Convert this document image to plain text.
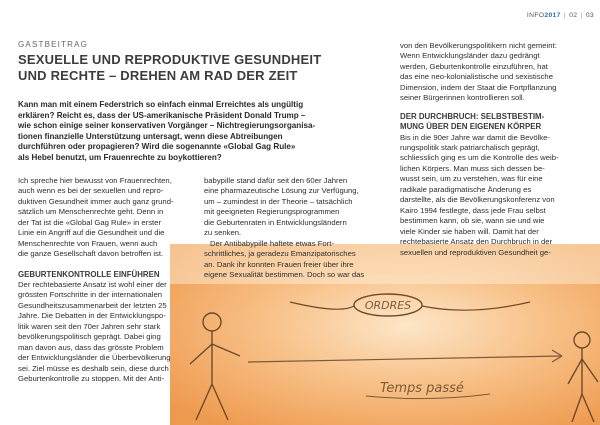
INFO2017 | 02 | 03
GASTBEITRAG
SEXUELLE UND REPRODUKTIVE GESUNDHEIT
UND RECHTE – DREHEN AM RAD DER ZEIT
Kann man mit einem Federstrich so einfach einmal Erreichtes als ungültig
erklären? Reicht es, dass der US-amerikanische Präsident Donald Trump –
wie schon einige seiner konservativen Vorgänger – Nichtregierungsorganisa-
tionen finanzielle Unterstützung untersagt, wenn diese Abtreibungen
durchführen oder propagieren? Wird die sogenannte «Global Gag Rule»
als Hebel benutzt, um Frauenrechte zu boykottieren?
ORDRES
Temps passé

Ich spreche hier bewusst von Frauenrechten,
auch wenn es bei der sexuellen und repro-
duktiven Gesundheit immer auch ganz grund-
sätzlich um Menschenrechte geht. Denn in
der Tat ist die «Global Gag Rule» in erster
Linie ein Angriff auf die Gesundheit und die
Menschenrechte von Frauen, wenn auch
die ganze Gesellschaft davon betroffen ist.

GEBURTENKONTROLLE EINFÜHREN

Der rechtebasierte Ansatz ist wohl einer der
grössten Fortschritte in der internationalen
Gesundheitszusammenarbeit der letzten 25
Jahre. Die Debatten in der Entwicklungspo-
litik waren seit den 70er Jahren sehr stark
bevölkerungspolitisch geprägt. Dabei ging
man davon aus, dass das grösste Problem
der Entwicklungsländer die Überbevölkerung
sei. Ziel müsse es deshalb sein, diese durch
Geburtenkontrolle zu stoppen. Mit der Anti-

babypille stand dafür seit den 60er Jahren
eine pharmazeutische Lösung zur Verfügung,
um – zumindest in der Theorie – tatsächlich
mit geeigneten Regierungsprogrammen
die Geburtenraten in Entwicklungsländern
zu senken.

Der Antibabypille haftete etwas Fort-
schrittliches, ja geradezu Emanzipatorisches
an. Dank ihr konnten Frauen freier über ihre
eigene Sexualität bestimmen. Doch so war das

von den Bevölkerungspolitikern nicht gemeint:
Wenn Entwicklungsländer dazu gedrängt
werden, Geburtenkontrolle einzuführen, hat
das eine neo-kolonialistische und sexistische
Dimension, indem der Staat die Fortpflanzung
seiner Bürgerinnen kontrollieren soll.

DER DURCHBRUCH: SELBSTBESTIM-
MUNG ÜBER DEN EIGENEN KÖRPER

Bis in die 90er Jahre war damit die Bevölke-
rungspolitik stark patriarchalisch geprägt,
schliesslich ging es um die Kontrolle des weib-
lichen Körpers. Man muss sich dessen be-
wusst sein, um zu verstehen, was für eine
radikale paradigmatische Änderung es
darstellte, als die Bevölkerungskonferenz von
Kairo 1994 festlegte, dass jede Frau selbst
bestimmen kann, ob sie, wann sie und wie
viele Kinder sie haben will. Damit hat der
rechtebasierte Ansatz den Durchbruch in der
sexuellen und reproduktiven Gesundheit ge-
